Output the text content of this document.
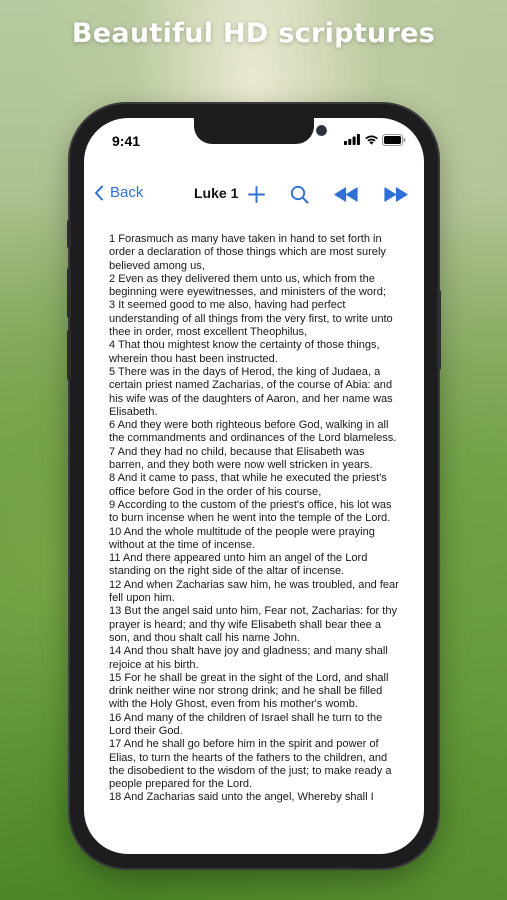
Beautiful HD scriptures
9:41
Back	Luke 1

1 Forasmuch as many have taken in hand to set forth in order a declaration of those things which are most surely believed among us,

2 Even as they delivered them unto us, which from the beginning were eyewitnesses, and ministers of the word;

3 It seemed good to me also, having had perfect understanding of all things from the very first, to write unto thee in order, most excellent Theophilus,

4 That thou mightest know the certainty of those things, wherein thou hast been instructed.

5 There was in the days of Herod, the king of Judaea, a certain priest named Zacharias, of the course of Abia: and his wife was of the daughters of Aaron, and her name was Elisabeth.

6 And they were both righteous before God, walking in all the commandments and ordinances of the Lord blameless.

7 And they had no child, because that Elisabeth was barren, and they both were now well stricken in years.

8 And it came to pass, that while he executed the priest's office before God in the order of his course,

9 According to the custom of the priest's office, his lot was to burn incense when he went into the temple of the Lord.

10 And the whole multitude of the people were praying without at the time of incense.

11 And there appeared unto him an angel of the Lord standing on the right side of the altar of incense.

12 And when Zacharias saw him, he was troubled, and fear fell upon him.

13 But the angel said unto him, Fear not, Zacharias: for thy prayer is heard; and thy wife Elisabeth shall bear thee a son, and thou shalt call his name John.

14 And thou shalt have joy and gladness; and many shall rejoice at his birth.

15 For he shall be great in the sight of the Lord, and shall drink neither wine nor strong drink; and he shall be filled with the Holy Ghost, even from his mother's womb.

16 And many of the children of Israel shall he turn to the Lord their God.

17 And he shall go before him in the spirit and power of Elias, to turn the hearts of the fathers to the children, and the disobedient to the wisdom of the just; to make ready a people prepared for the Lord.

18 And Zacharias said unto the angel, Whereby shall I
